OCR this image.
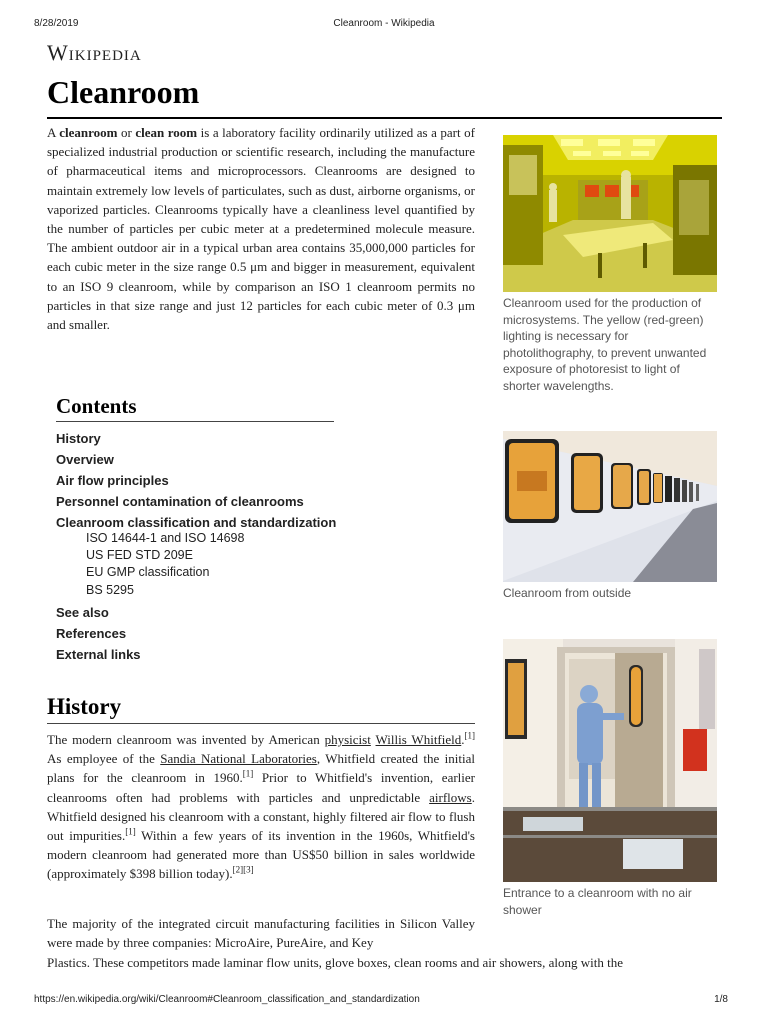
8/28/2019	Cleanroom - Wikipedia
Wikipedia
Cleanroom

A cleanroom or clean room is a laboratory facility ordinarily utilized as a part of specialized industrial production or scientific research, including the manufacture of pharmaceutical items and microprocessors. Cleanrooms are designed to maintain extremely low levels of particulates, such as dust, airborne organisms, or vaporized particles. Cleanrooms typically have a cleanliness level quantified by the number of particles per cubic meter at a predetermined molecule measure. The ambient outdoor air in a typical urban area contains 35,000,000 particles for each cubic meter in the size range 0.5 μm and bigger in measurement, equivalent to an ISO 9 cleanroom, while by comparison an ISO 1 cleanroom permits no particles in that size range and just 12 particles for each cubic meter of 0.3 μm and smaller.

Cleanroom used for the production of microsystems. The yellow (red-green) lighting is necessary for photolithography, to prevent unwanted exposure of photoresist to light of shorter wavelengths.
Cleanroom from outside
Entrance to a cleanroom with no air shower
Contents
History
Overview
Air flow principles
Personnel contamination of cleanrooms
Cleanroom classification and standardization
ISO 14644-1 and ISO 14698
US FED STD 209E
EU GMP classification
BS 5295
See also
References
External links
History

The modern cleanroom was invented by American physicist Willis Whitfield.[1] As employee of the Sandia National Laboratories, Whitfield created the initial plans for the cleanroom in 1960.[1] Prior to Whitfield's invention, earlier cleanrooms often had problems with particles and unpredictable airflows. Whitfield designed his cleanroom with a constant, highly filtered air flow to flush out impurities.[1] Within a few years of its invention in the 1960s, Whitfield's modern cleanroom had generated more than US$50 billion in sales worldwide (approximately $398 billion today).[2][3]

The majority of the integrated circuit manufacturing facilities in Silicon Valley were made by three companies: MicroAire, PureAire, and Key
Plastics. These competitors made laminar flow units, glove boxes, clean rooms and air showers, along with the

https://en.wikipedia.org/wiki/Cleanroom#Cleanroom_classification_and_standardization	1/8
